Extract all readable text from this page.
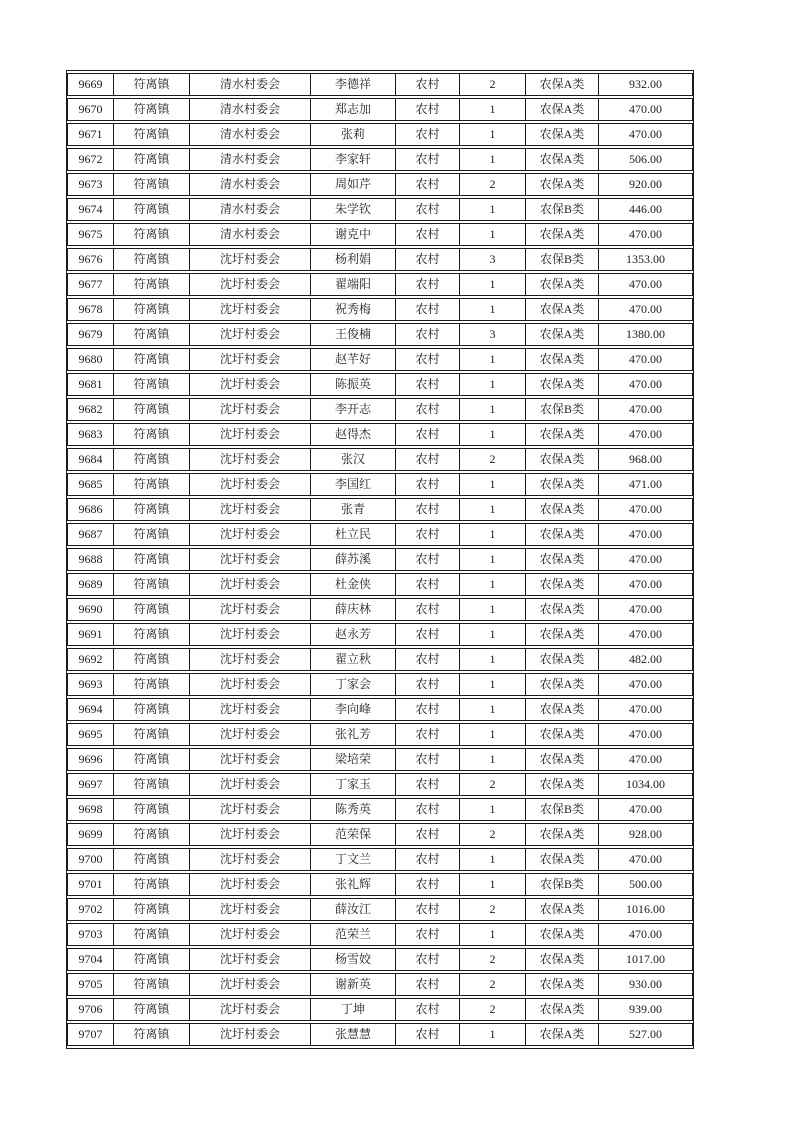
9669	符离镇	清水村委会	李德祥	农村	2	农保A类	932.00
9670	符离镇	清水村委会	郑志加	农村	1	农保A类	470.00
9671	符离镇	清水村委会	张莉	农村	1	农保A类	470.00
9672	符离镇	清水村委会	李家轩	农村	1	农保A类	506.00
9673	符离镇	清水村委会	周如芹	农村	2	农保A类	920.00
9674	符离镇	清水村委会	朱学钦	农村	1	农保B类	446.00
9675	符离镇	清水村委会	谢克中	农村	1	农保A类	470.00
9676	符离镇	沈圩村委会	杨利娟	农村	3	农保B类	1353.00
9677	符离镇	沈圩村委会	翟端阳	农村	1	农保A类	470.00
9678	符离镇	沈圩村委会	祝秀梅	农村	1	农保A类	470.00
9679	符离镇	沈圩村委会	王俊楠	农村	3	农保A类	1380.00
9680	符离镇	沈圩村委会	赵芊好	农村	1	农保A类	470.00
9681	符离镇	沈圩村委会	陈振英	农村	1	农保A类	470.00
9682	符离镇	沈圩村委会	李开志	农村	1	农保B类	470.00
9683	符离镇	沈圩村委会	赵得杰	农村	1	农保A类	470.00
9684	符离镇	沈圩村委会	张汉	农村	2	农保A类	968.00
9685	符离镇	沈圩村委会	李国红	农村	1	农保A类	471.00
9686	符离镇	沈圩村委会	张青	农村	1	农保A类	470.00
9687	符离镇	沈圩村委会	杜立民	农村	1	农保A类	470.00
9688	符离镇	沈圩村委会	薛苏溪	农村	1	农保A类	470.00
9689	符离镇	沈圩村委会	杜金侠	农村	1	农保A类	470.00
9690	符离镇	沈圩村委会	薛庆林	农村	1	农保A类	470.00
9691	符离镇	沈圩村委会	赵永芳	农村	1	农保A类	470.00
9692	符离镇	沈圩村委会	翟立秋	农村	1	农保A类	482.00
9693	符离镇	沈圩村委会	丁家会	农村	1	农保A类	470.00
9694	符离镇	沈圩村委会	李向峰	农村	1	农保A类	470.00
9695	符离镇	沈圩村委会	张礼芳	农村	1	农保A类	470.00
9696	符离镇	沈圩村委会	梁培荣	农村	1	农保A类	470.00
9697	符离镇	沈圩村委会	丁家玉	农村	2	农保A类	1034.00
9698	符离镇	沈圩村委会	陈秀英	农村	1	农保B类	470.00
9699	符离镇	沈圩村委会	范荣保	农村	2	农保A类	928.00
9700	符离镇	沈圩村委会	丁文兰	农村	1	农保A类	470.00
9701	符离镇	沈圩村委会	张礼辉	农村	1	农保B类	500.00
9702	符离镇	沈圩村委会	薛汝江	农村	2	农保A类	1016.00
9703	符离镇	沈圩村委会	范荣兰	农村	1	农保A类	470.00
9704	符离镇	沈圩村委会	杨雪姣	农村	2	农保A类	1017.00
9705	符离镇	沈圩村委会	谢新英	农村	2	农保A类	930.00
9706	符离镇	沈圩村委会	丁坤	农村	2	农保A类	939.00
9707	符离镇	沈圩村委会	张慧慧	农村	1	农保A类	527.00
